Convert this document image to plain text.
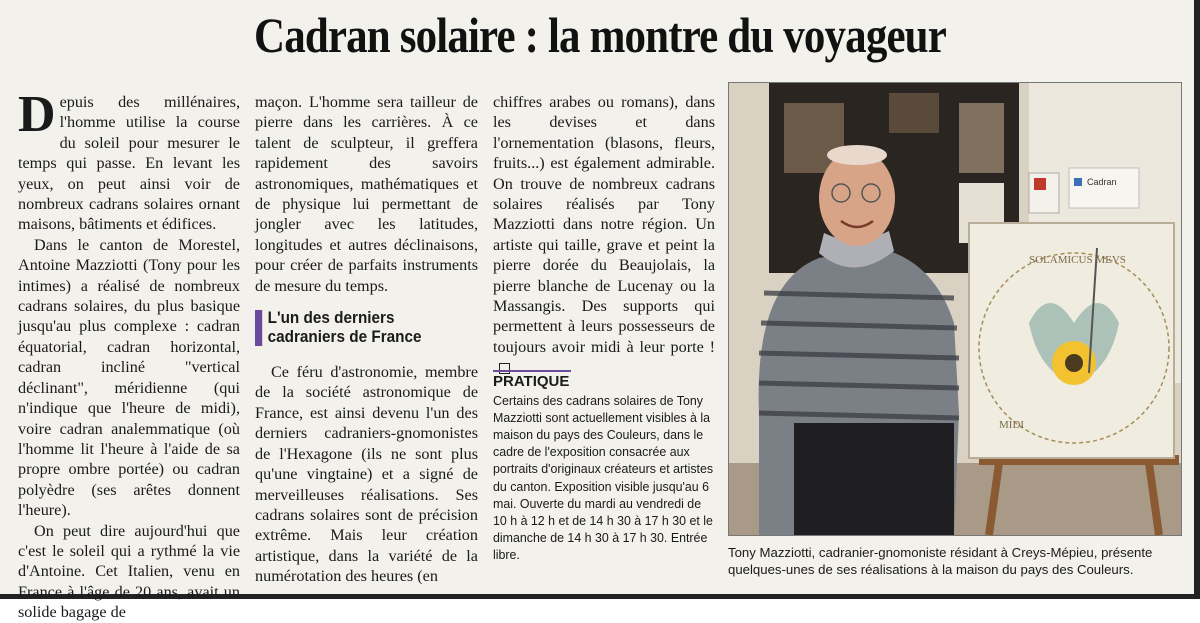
Cadran solaire : la montre du voyageur

Depuis des millénaires, l'homme utilise la course du soleil pour mesurer le temps qui passe. En levant les yeux, on peut ainsi voir de nombreux cadrans solaires ornant maisons, bâtiments et édifices.

Dans le canton de Morestel, Antoine Mazziotti (Tony pour les intimes) a réalisé de nombreux cadrans solaires, du plus basique jusqu'au plus complexe : cadran équatorial, cadran horizontal, cadran incliné "vertical déclinant", méridienne (qui n'indique que l'heure de midi), voire cadran analemmatique (où l'homme lit l'heure à l'aide de sa propre ombre portée) ou cadran polyèdre (ses arêtes donnent l'heure).

On peut dire aujourd'hui que c'est le soleil qui a rythmé la vie d'Antoine. Cet Italien, venu en France à l'âge de 20 ans, avait un solide bagage de

maçon. L'homme sera tailleur de pierre dans les carrières. À ce talent de sculpteur, il greffera rapidement des savoirs astronomiques, mathématiques et de physique lui permettant de jongler avec les latitudes, longitudes et autres déclinaisons, pour créer de parfaits instruments de mesure du temps.

L'un des derniers cadraniers de France

Ce féru d'astronomie, membre de la société astronomique de France, est ainsi devenu l'un des derniers cadraniers-gnomonistes de l'Hexagone (ils ne sont plus qu'une vingtaine) et a signé de merveilleuses réalisations. Ses cadrans solaires sont de précision extrême. Mais leur création artistique, dans la variété de la numérotation des heures (en

chiffres arabes ou romans), dans les devises et dans l'ornementation (blasons, fleurs, fruits...) est également admirable. On trouve de nombreux cadrans solaires réalisés par Tony Mazziotti dans notre région. Un artiste qui taille, grave et peint la pierre dorée du Beaujolais, la pierre blanche de Lucenay ou la Massangis. Des supports qui permettent à leurs possesseurs de toujours avoir midi à leur porte !

PRATIQUE

Certains des cadrans solaires de Tony Mazziotti sont actuellement visibles à la maison du pays des Couleurs, dans le cadre de l'exposition consacrée aux portraits d'originaux créateurs et artistes du canton. Exposition visible jusqu'au 6 mai. Ouverte du mardi au vendredi de 10 h à 12 h et de 14 h 30 à 17 h 30 et le dimanche de 14 h 30 à 17 h 30. Entrée libre.

Cadran
SOLAMICUS MEVS
MIDI
Tony Mazziotti, cadranier-gnomoniste résidant à Creys-Mépieu, présente quelques-unes de ses réalisations à la maison du pays des Couleurs.
